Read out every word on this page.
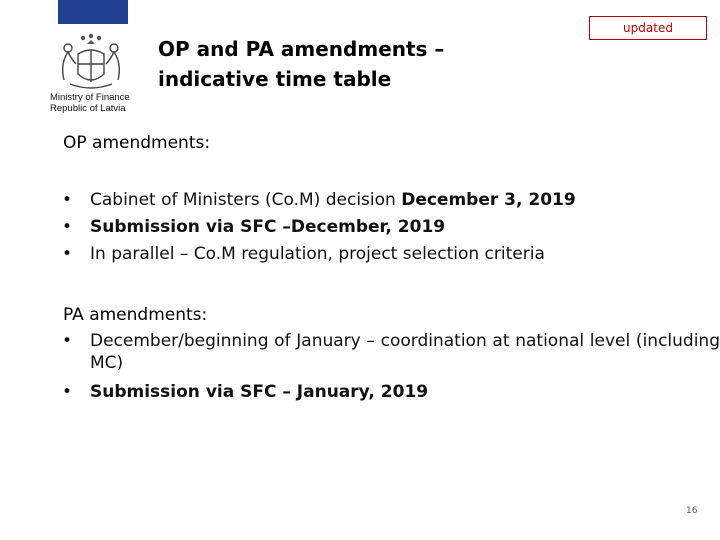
Ministry of Finance
Republic of Latvia
OP and PA amendments –
indicative time table
updated
OP amendments:
• Cabinet of Ministers (Co.M) decision December 3, 2019
• Submission via SFC –December, 2019
• In parallel – Co.M regulation, project selection criteria
PA amendments:
• December/beginning of January – coordination at national level (including MC)
• Submission via SFC – January, 2019
16
